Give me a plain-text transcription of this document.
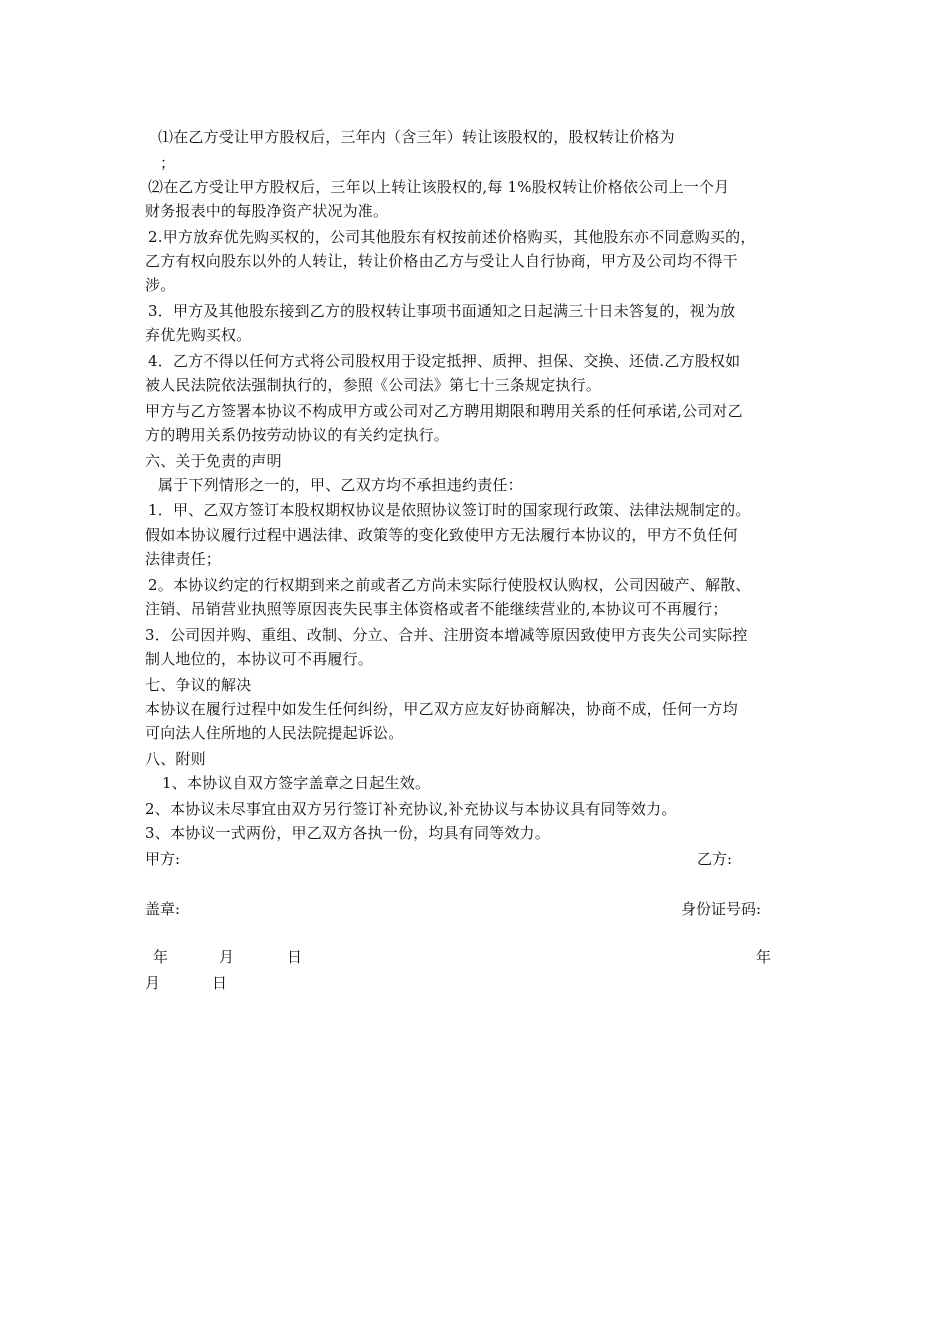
⑴在乙方受让甲方股权后，三年内（含三年）转让该股权的，股权转让价格为
；
⑵在乙方受让甲方股权后，三年以上转让该股权的,每 1%股权转让价格依公司上一个月
财务报表中的每股净资产状况为准。
2.甲方放弃优先购买权的，公司其他股东有权按前述价格购买，其他股东亦不同意购买的，
乙方有权向股东以外的人转让，转让价格由乙方与受让人自行协商，甲方及公司均不得干
涉。
3．甲方及其他股东接到乙方的股权转让事项书面通知之日起满三十日未答复的，视为放
弃优先购买权。
4．乙方不得以任何方式将公司股权用于设定抵押、质押、担保、交换、还债.乙方股权如
被人民法院依法强制执行的，参照《公司法》第七十三条规定执行。
甲方与乙方签署本协议不构成甲方或公司对乙方聘用期限和聘用关系的任何承诺,公司对乙
方的聘用关系仍按劳动协议的有关约定执行。
六、关于免责的声明
属于下列情形之一的，甲、乙双方均不承担违约责任：
1．甲、乙双方签订本股权期权协议是依照协议签订时的国家现行政策、法律法规制定的。
假如本协议履行过程中遇法律、政策等的变化致使甲方无法履行本协议的，甲方不负任何
法律责任；
2。本协议约定的行权期到来之前或者乙方尚未实际行使股权认购权，公司因破产、解散、
注销、吊销营业执照等原因丧失民事主体资格或者不能继续营业的,本协议可不再履行；
3．公司因并购、重组、改制、分立、合并、注册资本增减等原因致使甲方丧失公司实际控
制人地位的，本协议可不再履行。
七、争议的解决
本协议在履行过程中如发生任何纠纷，甲乙双方应友好协商解决，协商不成，任何一方均
可向法人住所地的人民法院提起诉讼。
八、附则
1、本协议自双方签字盖章之日起生效。
2、本协议未尽事宜由双方另行签订补充协议,补充协议与本协议具有同等效力。
3、本协议一式两份，甲乙双方各执一份，均具有同等效力。
甲方:	乙方:
盖章:	身份证号码:
年	月	日	年
月	日
